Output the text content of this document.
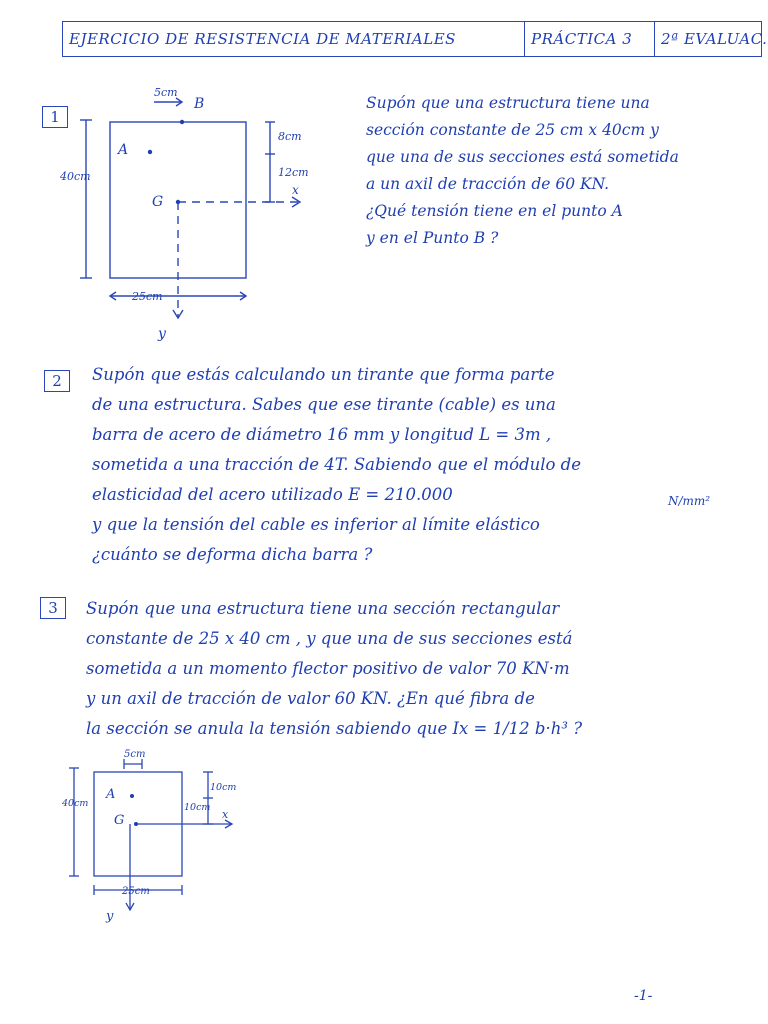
EJERCICIO DE RESISTENCIA DE MATERIALES	PRÁCTICA 3	2ª EVALUAC.
1
5cm
B
A
G
40cm
8cm
12cm
x
25cm
y
Supón que una estructura tiene una
sección constante de 25 cm x 40cm y
que una de sus secciones está sometida
a un axil de tracción de 60 KN.
¿Qué tensión tiene en el punto A
y en el Punto B ?
2	Supón que estás calculando un tirante que forma parte
de una estructura. Sabes que ese tirante (cable) es una
barra de acero de diámetro 16 mm y longitud L = 3m ,
sometida a una tracción de 4T. Sabiendo que el módulo de
elasticidad del acero utilizado E = 210.000	N/mm²
y que la tensión del cable es inferior al límite elástico
¿cuánto se deforma dicha barra ?
3	Supón que una estructura tiene una sección rectangular
constante de 25 x 40 cm , y que una de sus secciones está
sometida a un momento flector positivo de valor 70 KN·m
y un axil de tracción de valor 60 KN. ¿En qué fibra de
la sección se anula la tensión sabiendo que Ix = 1/12 b·h³ ?
5cm
A
G
40cm
10cm
10cm
x
25cm
y
-1-
